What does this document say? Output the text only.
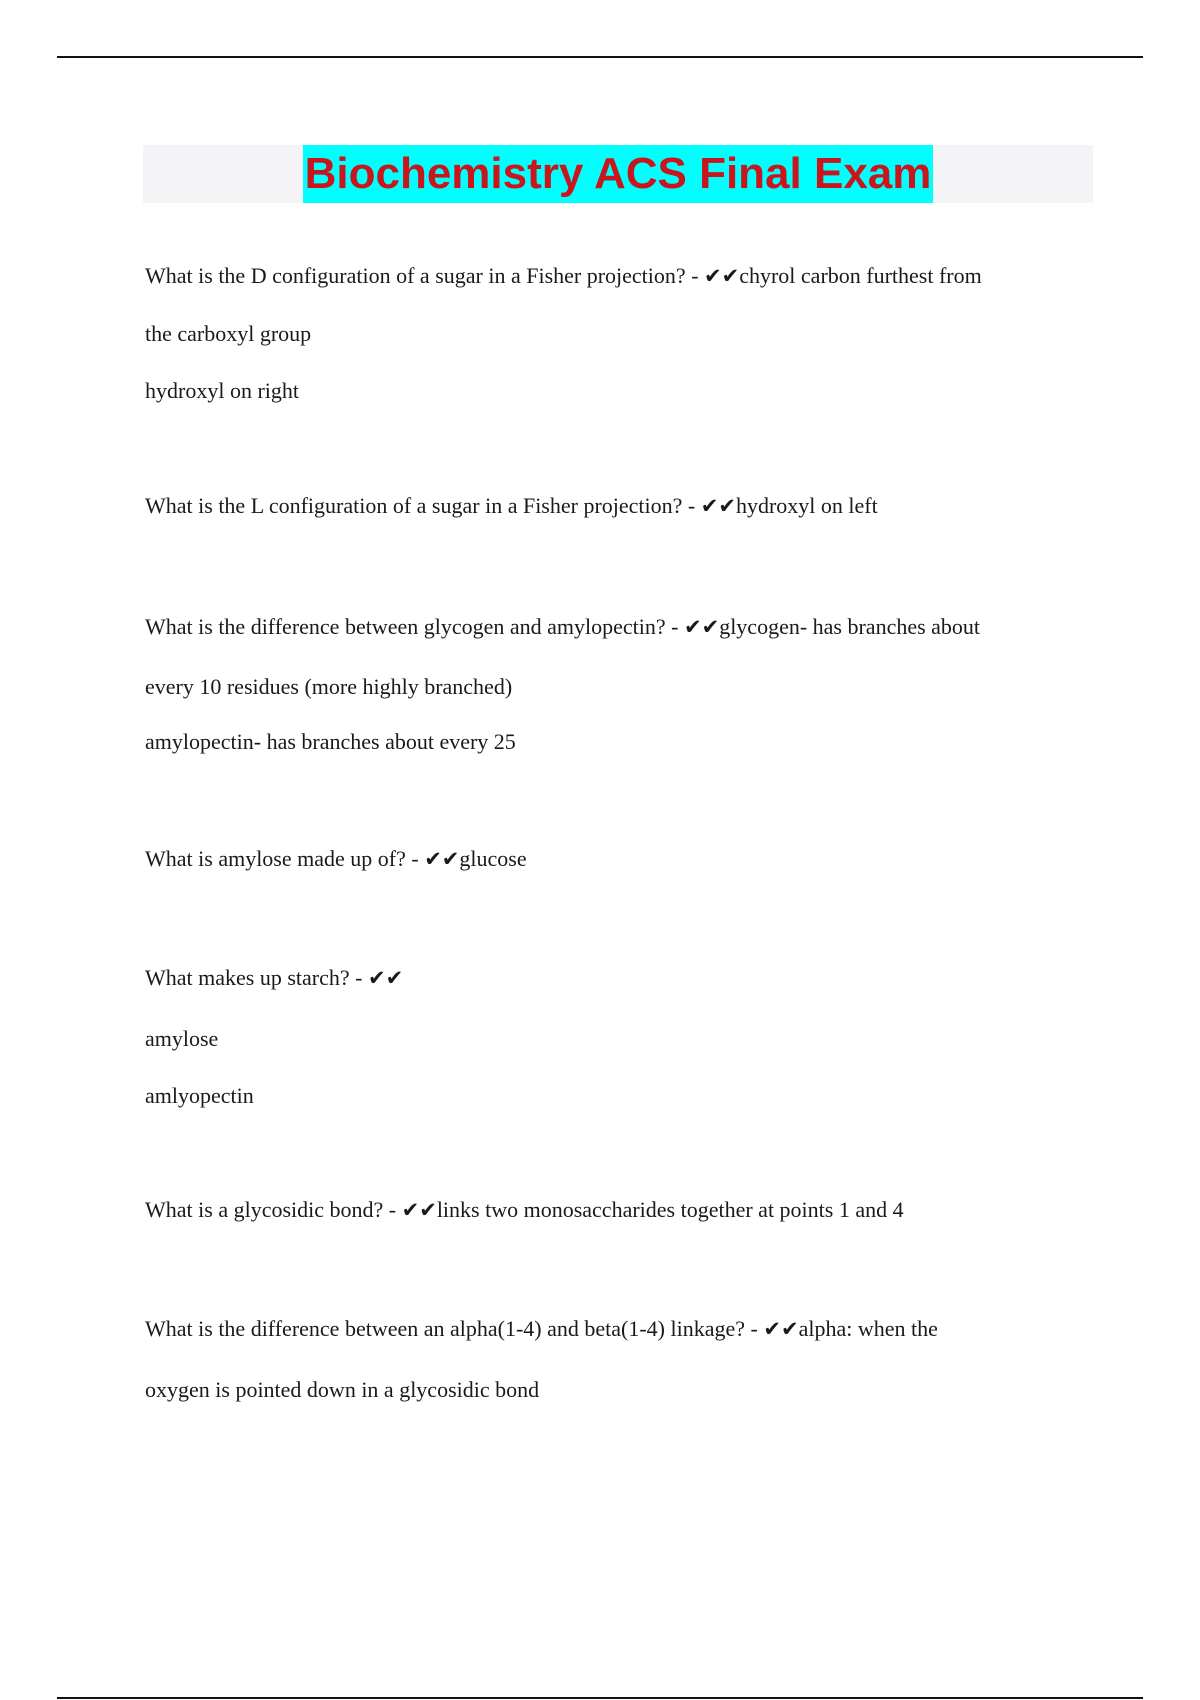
Biochemistry ACS Final Exam
What is the D configuration of a sugar in a Fisher projection? - ✔✔chyrol carbon furthest from
the carboxyl group
hydroxyl on right
What is the L configuration of a sugar in a Fisher projection? - ✔✔hydroxyl on left
What is the difference between glycogen and amylopectin? - ✔✔glycogen- has branches about
every 10 residues (more highly branched)
amylopectin- has branches about every 25
What is amylose made up of? - ✔✔glucose
What makes up starch? - ✔✔
amylose
amlyopectin
What is a glycosidic bond? - ✔✔links two monosaccharides together at points 1 and 4
What is the difference between an alpha(1-4) and beta(1-4) linkage? - ✔✔alpha: when the
oxygen is pointed down in a glycosidic bond
